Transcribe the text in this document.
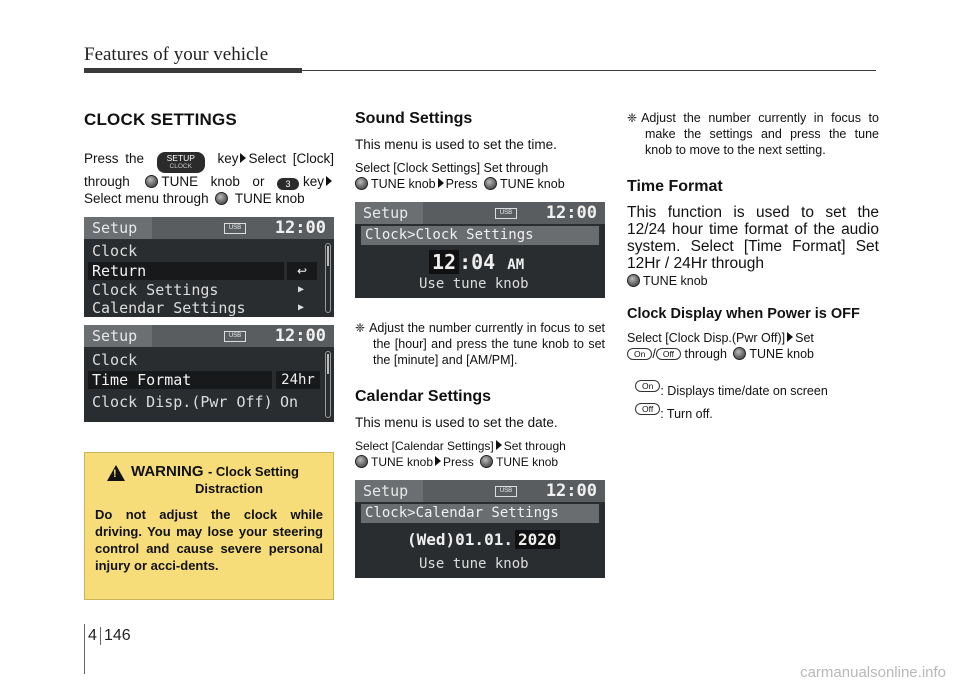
Features of your vehicle
CLOCK SETTINGS

Press the	SETUP
CLOCK
key Select [Clock] through TUNE knob or 3 keySelect menu through TUNE knob

Setup	USB 12:00
Clock
Return	↩
Clock Settings	▶
Calendar Settings	▶
Setup	USB 12:00
Clock
Time Format	24hr
Clock Disp.(Pwr Off) On
!
WARNING - Clock Setting
Distraction
Do not adjust the clock while driving. You may lose your steering control and cause severe personal injury or acci-dents.
Sound Settings

This menu is used to set the time.

Select [Clock Settings] Set through
TUNE knob Press TUNE knob

Setup	USB 12:00
Clock>Clock Settings
12 :04 AM
Use tune knob

❈ Adjust the number currently in focus to set the [hour] and press the tune knob to set the [minute] and [AM/PM].

Calendar Settings

This menu is used to set the date.

Select [Calendar Settings] Set through
TUNE knob Press TUNE knob

Setup	USB 12:00
Clock>Calendar Settings
(Wed)01.01. 2020
Use tune knob

❈ Adjust the number currently in focus to make the settings and press the tune knob to move to the next setting.

Time Format

This function is used to set the 12/24 hour time format of the audio system. Select [Time Format] Set 12Hr / 24Hr through
TUNE knob

Clock Display when Power is OFF

Select [Clock Disp.(Pwr Off)] Set
On / Off through TUNE knob

On : Displays time/date on screen

Off : Turn off.

4 146
carmanualsonline.info
